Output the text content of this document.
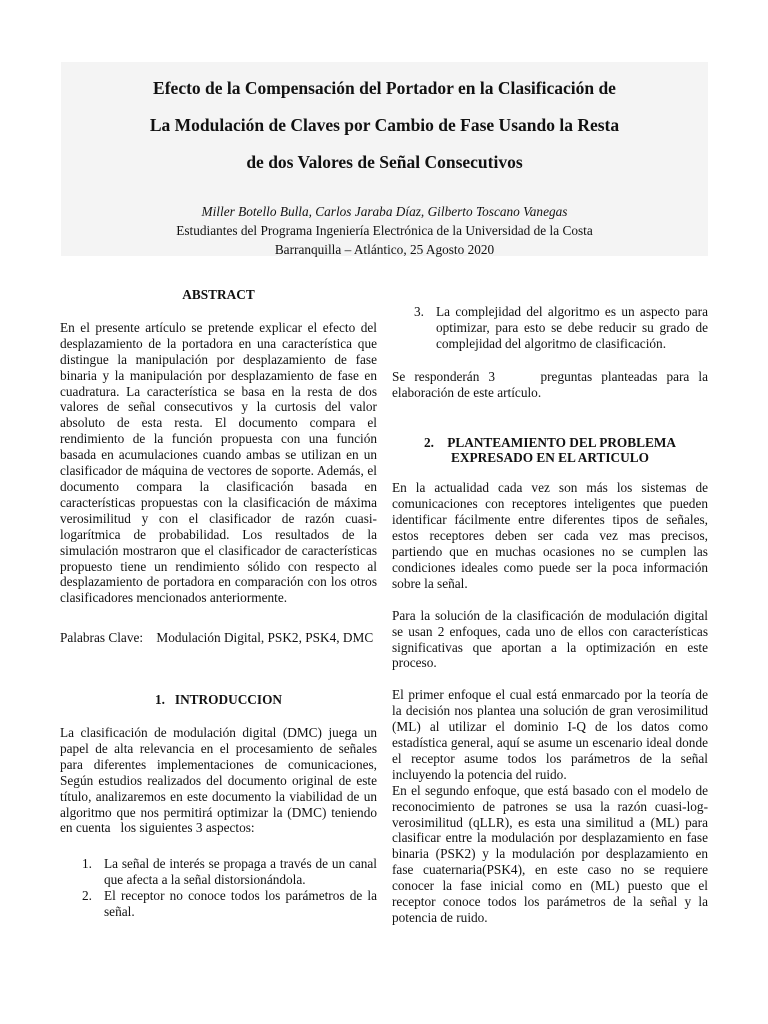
Efecto de la Compensación del Portador en la Clasificación de
La Modulación de Claves por Cambio de Fase Usando la Resta
de dos Valores de Señal Consecutivos
Miller Botello Bulla, Carlos Jaraba Díaz, Gilberto Toscano Vanegas
Estudiantes del Programa Ingeniería Electrónica de la Universidad de la Costa
Barranquilla – Atlántico, 25 Agosto 2020

ABSTRACT

En el presente artículo se pretende explicar el efecto del desplazamiento de la portadora en una característica que distingue la manipulación por desplazamiento de fase binaria y la manipulación por desplazamiento de fase en cuadratura. La característica se basa en la resta de dos valores de señal consecutivos y la curtosis del valor absoluto de esta resta. El documento compara el rendimiento de la función propuesta con una función basada en acumulaciones cuando ambas se utilizan en un clasificador de máquina de vectores de soporte. Además, el documento compara la clasificación basada en características propuestas con la clasificación de máxima verosimilitud y con el clasificador de razón cuasi-logarítmica de probabilidad. Los resultados de la simulación mostraron que el clasificador de características propuesto tiene un rendimiento sólido con respecto al desplazamiento de portadora en comparación con los otros clasificadores mencionados anteriormente.

Palabras Clave:    Modulación Digital, PSK2, PSK4, DMC

1.   INTRODUCCION

La clasificación de modulación digital (DMC) juega un papel de alta relevancia en el procesamiento de señales para diferentes implementaciones de comunicaciones, Según estudios realizados del documento original de este título, analizaremos en este documento la viabilidad de un algoritmo que nos permitirá optimizar la (DMC) teniendo en cuenta   los siguientes 3 aspectos:

1. La señal de interés se propaga a través de un canal que afecta a la señal distorsionándola.
2. El receptor no conoce todos los parámetros de la señal.
3. La complejidad del algoritmo es un aspecto para optimizar, para esto se debe reducir su grado de complejidad del algoritmo de clasificación.

Se responderán 3     preguntas planteadas para la elaboración de este artículo.

2.    PLANTEAMIENTO DEL PROBLEMA
EXPRESADO EN EL ARTICULO

En la actualidad cada vez son más los sistemas de comunicaciones con receptores inteligentes que pueden identificar fácilmente entre diferentes tipos de señales, estos receptores deben ser cada vez mas precisos, partiendo que en muchas ocasiones no se cumplen las condiciones ideales como puede ser la poca información sobre la señal.

Para la solución de la clasificación de modulación digital se usan 2 enfoques, cada uno de ellos con características significativas que aportan a la optimización en este proceso.

El primer enfoque el cual está enmarcado por la teoría de la decisión nos plantea una solución de gran verosimilitud (ML) al utilizar el dominio I-Q de los datos como estadística general, aquí se asume un escenario ideal donde el receptor asume todos los parámetros de la señal incluyendo la potencia del ruido.

En el segundo enfoque, que está basado con el modelo de reconocimiento de patrones se usa la razón cuasi-log-verosimilitud (qLLR), es esta una similitud a (ML) para clasificar entre la modulación por desplazamiento en fase binaria (PSK2) y la modulación por desplazamiento en fase cuaternaria(PSK4), en este caso no se requiere conocer la fase inicial como en (ML) puesto que el receptor conoce todos los parámetros de la señal y la potencia de ruido.
